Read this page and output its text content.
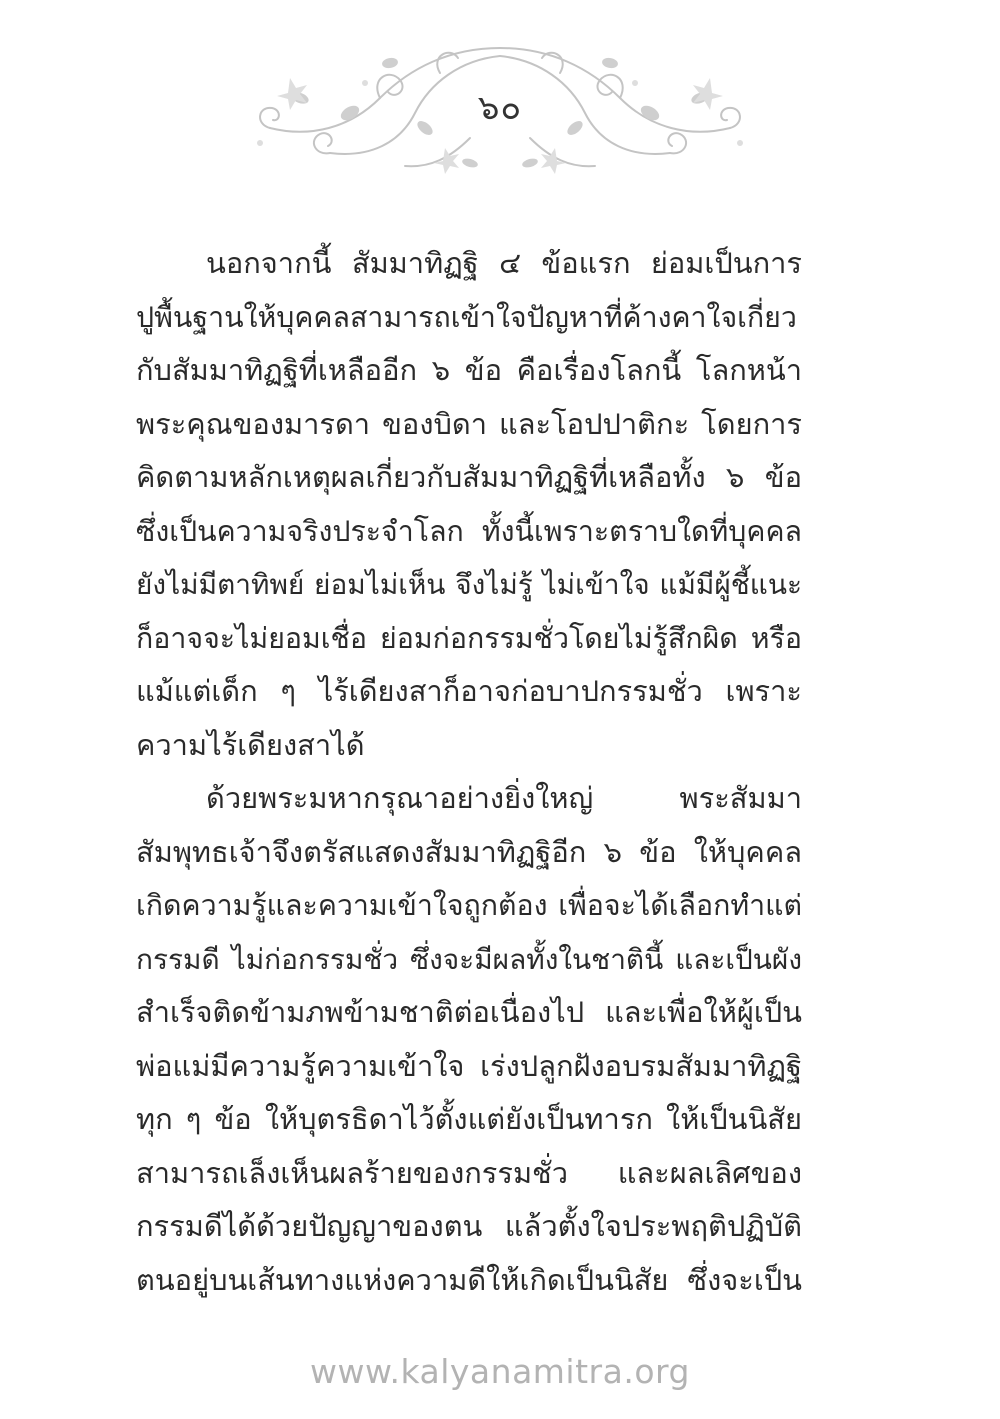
๖๐
นอกจากนี้ สัมมาทิฏฐิ ๔ ข้อแรก ย่อมเป็นการ
ปูพื้นฐานให้บุคคลสามารถเข้าใจปัญหาที่ค้างคาใจเกี่ยว
กับสัมมาทิฏฐิที่เหลืออีก ๖ ข้อ คือเรื่องโลกนี้ โลกหน้า
พระคุณของมารดา ของบิดา และโอปปาติกะ โดยการ
คิดตามหลักเหตุผลเกี่ยวกับสัมมาทิฏฐิที่เหลือทั้ง ๖ ข้อ
ซึ่งเป็นความจริงประจำโลก ทั้งนี้เพราะตราบใดที่บุคคล
ยังไม่มีตาทิพย์ ย่อมไม่เห็น จึงไม่รู้ ไม่เข้าใจ แม้มีผู้ชี้แนะ
ก็อาจจะไม่ยอมเชื่อ ย่อมก่อกรรมชั่วโดยไม่รู้สึกผิด หรือ
แม้แต่เด็ก ๆ ไร้เดียงสาก็อาจก่อบาปกรรมชั่ว เพราะ
ความไร้เดียงสาได้
ด้วยพระมหากรุณาอย่างยิ่งใหญ่ พระสัมมา
สัมพุทธเจ้าจึงตรัสแสดงสัมมาทิฏฐิอีก ๖ ข้อ ให้บุคคล
เกิดความรู้และความเข้าใจถูกต้อง เพื่อจะได้เลือกทำแต่
กรรมดี ไม่ก่อกรรมชั่ว ซึ่งจะมีผลทั้งในชาตินี้ และเป็นผัง
สำเร็จติดข้ามภพข้ามชาติต่อเนื่องไป และเพื่อให้ผู้เป็น
พ่อแม่มีความรู้ความเข้าใจ เร่งปลูกฝังอบรมสัมมาทิฏฐิ
ทุก ๆ ข้อ ให้บุตรธิดาไว้ตั้งแต่ยังเป็นทารก ให้เป็นนิสัย
สามารถเล็งเห็นผลร้ายของกรรมชั่ว และผลเลิศของ
กรรมดีได้ด้วยปัญญาของตน แล้วตั้งใจประพฤติปฏิบัติ
ตนอยู่บนเส้นทางแห่งความดีให้เกิดเป็นนิสัย ซึ่งจะเป็น
www.kalyanamitra.org
